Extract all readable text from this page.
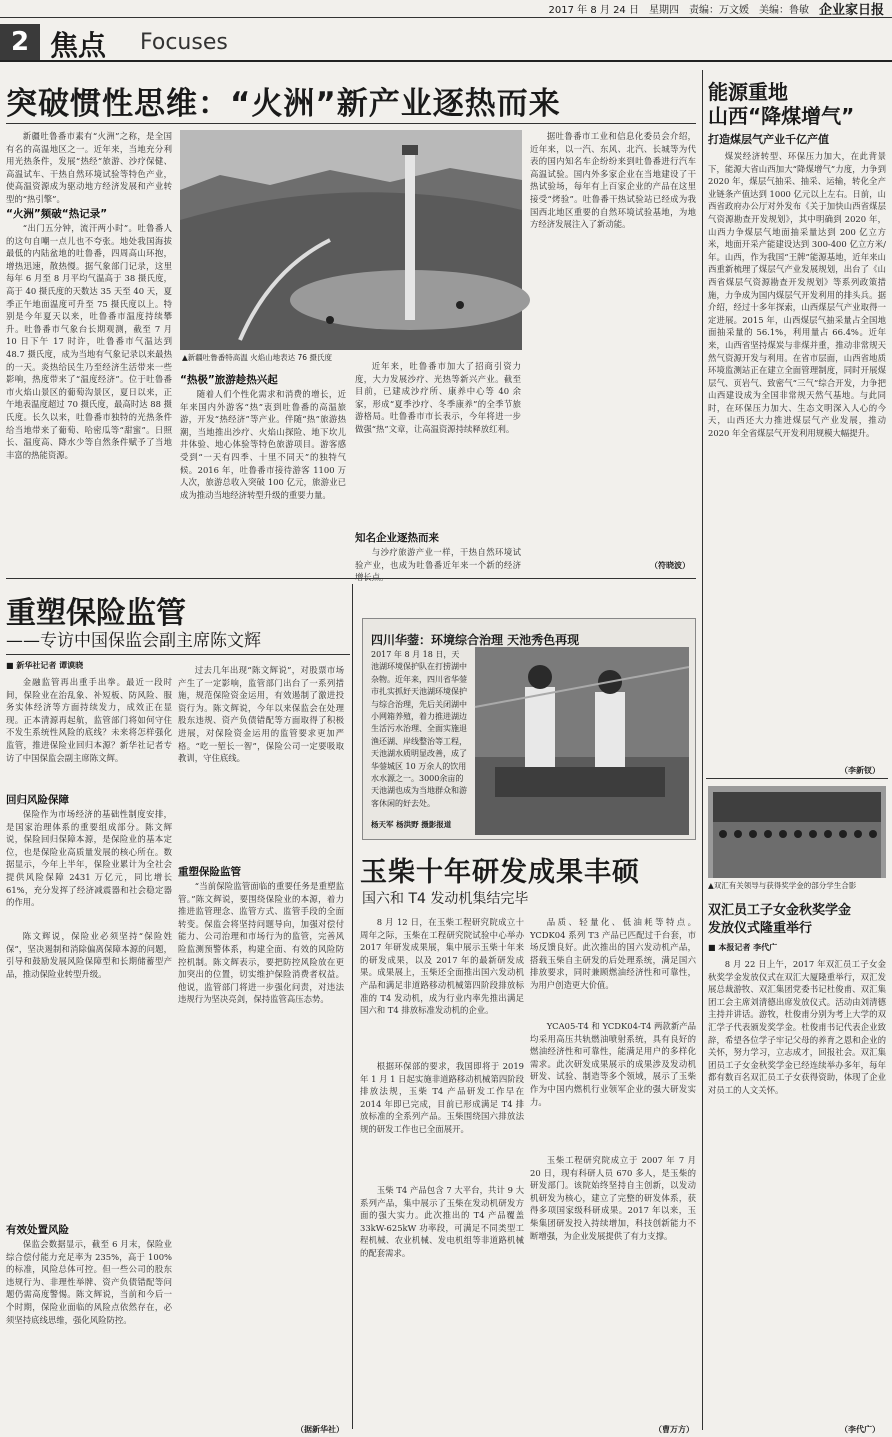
2017 年 8 月 24 日 星期四 责编：万文媛 美编：鲁敏 企业家日报
2 焦点 Focuses
突破惯性思维：“火洲”新产业逐热而来

新疆吐鲁番市素有“火洲”之称，是全国有名的高温地区之一。近年来，当地充分利用光热条件，发展“热经”旅游、沙疗保健、高温试车、干热自然环境试验等特色产业，使高温资源成为驱动地方经济发展和产业转型的“热引擎”。

“火洲”频破“热记录”

“出门五分钟，流汗两小时”。吐鲁番人的这句自嘲一点儿也不夸张。地处我国海拔最低的内陆盆地的吐鲁番，四周高山环抱，增热迅速，散热慢。据气象部门记录，这里每年 6 月至 8 月平均气温高于 38 摄氏度，高于 40 摄氏度的天数达 35 天至 40 天，夏季正午地面温度可升至 75 摄氏度以上。特别是今年夏天以来，吐鲁番市温度持续攀升。吐鲁番市气象台长期观测，截至 7 月 10 日下午 17 时许，吐鲁番市气温达到 48.7 摄氏度，成为当地有气象记录以来最热的一天。炎热给民生乃至经济生活带来一些影响，热度带来了“温度经济”。位于吐鲁番市火焰山景区的葡萄沟景区，夏日以来，正午地表温度超过 70 摄氏度，最高时达 88 摄氏度。长久以来，吐鲁番市独特的光热条件给当地带来了葡萄、哈密瓜等“甜蜜”。日照长、温度高、降水少等自然条件赋予了当地丰富的热能资源。

▲新疆吐鲁番特高温 火焰山地表达 76 摄氏度
“热极”旅游趁热兴起

随着人们个性化需求和消费的增长，近年来国内外游客“热”衷到吐鲁番的高温旅游，开发“热经济”等产业。伴随“热”旅游热潮，当地推出沙疗、火焰山探险、地下坎儿井体验、地心体验等特色旅游项目。游客感受到“一天有四季、十里不同天”的独特气候。2016 年，吐鲁番市接待游客 1100 万人次，旅游总收入突破 100 亿元，旅游业已成为推动当地经济转型升级的重要力量。

近年来，吐鲁番市加大了招商引资力度，大力发展沙疗、光热等新兴产业。截至目前，已建成沙疗所、康养中心等 40 余家，形成“夏季沙疗、冬季康养”的全季节旅游格局。吐鲁番市市长表示，今年将进一步做强“热”文章，让高温资源持续释放红利。

知名企业逐热而来

与沙疗旅游产业一样，干热自然环境试验产业，也成为吐鲁番近年来一个新的经济

据吐鲁番市工业和信息化委员会介绍，近年来，以一汽、东风、北汽、长城等为代表的国内知名车企纷纷来到吐鲁番进行汽车高温试验。国内外多家企业在当地建设了干热试验场，每年有上百家企业的产品在这里接受“烤验”。吐鲁番干热试验站已经成为我国西北地区重要的自然环境试验基地，为地方经济发展注入了新动能。

（符晓波）
能源重地
山西“降煤增气”
打造煤层气产业千亿产值

煤炭经济转型、环保压力加大，在此背景下，能源大省山西加大“降煤增气”力度，力争到 2020 年，煤层气抽采、抽采、运输，转化全产业链条产值达到 1000 亿元以上左右。日前，山西省政府办公厅对外发布《关于加快山西省煤层气资源勘查开发规划》，其中明确到 2020 年，山西力争煤层气地面抽采量达到 200 亿立方米，地面开采产能建设达到 300-400 亿立方米/年。山西，作为我国“王牌”能源基地，近年来山西重新梳理了煤层气产业发展规划，出台了《山西省煤层气资源勘查开发规划》等系列政策措施，力争成为国内煤层气开发利用的排头兵。据介绍，经过十多年探索，山西煤层气产业取得一定进展。2015 年，山西煤层气抽采量占全国地面抽采量的 56.1%，利用量占 66.4%。近年来，山西省坚持煤炭与非煤并重，推动非常规天然气资源开发与利用。在省市层面，山西省地质环境监测站正在建立全面管理制度，同时开展煤层气、页岩气、致密气“三气”综合开发，力争把山西建设成为全国非常规天然气基地。与此同时，在环保压力加大、生态文明深入人心的今天，山西还大力推进煤层气产业发展，推动 2020 年全省煤层气开发利用规模大幅提升。

（李新钗）
重塑保险监管
——专访中国保监会副主席陈文辉
■ 新华社记者 谭谟晓

金融监管再出重手出拳。最近一段时间，保险业在治乱象、补短板、防风险、服务实体经济等方面持续发力，成效正在显现。正本清源再起航，监管部门将如何守住不发生系统性风险的底线？未来将怎样强化监管，推进保险业回归本源？新华社记者专访了中国保监会副主席陈文辉。

回归风险保障

保险作为市场经济的基础性制度安排，是国家治理体系的重要组成部分。陈文辉说，保险回归保障本源，是保险业的基本定位，也是保险业高质量发展的核心所在。数据显示，今年上半年，保险业累计为全社会提供风险保障 2431 万亿元，同比增长 61%，充分发挥了经济减震器和社会稳定器的作用。

陈文辉说，保险业必须坚持“保险姓保”，坚决遏制和消除偏离保障本源的问题，引导和鼓励发展风险保障型和长期储蓄型产品，推动保险业转型升级。

有效处置风险

保监会数据显示，截至 6 月末，保险业综合偿付能力充足率为 235%，高于 100% 的标准，风险总体可控。但一些公司的股东违规行为、非理性举牌、资产负债错配等问题仍需高度警惕。陈文辉说，当前和今后一个时期，保险业面临的风险点依然存在，必须坚持底线思维，强化风险防控。

过去几年出现“陈文辉说”，对股票市场产生了一定影响，监管部门出台了一系列措施，规范保险资金运用，有效遏制了激进投资行为。陈文辉说，今年以来保监会在处理股东违规、资产负债错配等方面取得了积极进展，对保险资金运用的监管要求更加严格。“吃一堑长一智”，保险公司一定要吸取教训，守住底线。

重塑保险监管

“当前保险监管面临的重要任务是重塑监管。”陈文辉说，要围绕保险业的本源，着力推进监管理念、监管方式、监管手段的全面转变。保监会将坚持问题导向，加强对偿付能力、公司治理和市场行为的监管，完善风险监测预警体系，构建全面、有效的风险防控机制。陈文辉表示，要把防控风险放在更加突出的位置，切实维护保险消费者权益。他说，监管部门将进一步强化问责，对违法违规行为坚决亮剑，保持监管高压态势。

（据新华社）
四川华蓥：环境综合治理 天池秀色再现
2017 年 8 月 18 日，天池湖环境保护队在打捞湖中杂物。近年来，四川省华蓥市扎实抓好天池湖环境保护与综合治理，先后关闭湖中小网箱养殖，着力推进湖边生活污水治理、全面实施退渔还湖、岸线整治等工程，天池湖水质明显改善，成了华蓥城区 10 万余人的饮用水水源之一。3000余亩的天池湖也成为当地群众和游客休闲的好去处。
杨天军 杨洪野 摄影报道
玉柴十年研发成果丰硕
国六和 T4 发动机集结完毕

8 月 12 日，在玉柴工程研究院成立十周年之际，玉柴在工程研究院试验中心举办 2017 年研发成果展，集中展示玉柴十年来的研发成果，以及 2017 年的最新研发成果。成果展上，玉柴还全面推出国六发动机产品和满足非道路移动机械第四阶段排放标准的 T4 发动机，成为行业内率先推出满足国六和 T4 排放标准发动机的企业。

根据环保部的要求，我国即将于 2019 年 1 月 1 日起实施非道路移动机械第四阶段排放法规，玉柴 T4 产品研发工作早在 2014 年即已完成，目前已形成满足 T4 排放标准的全系列产品。玉柴围绕国六排放法规的研发工作也已全面展开。

玉柴 T4 产品包含 7 大平台，共计 9 大系列产品，集中展示了玉柴在发动机研发方面的强大实力。此次推出的 T4 产品覆盖 33kW-625kW 功率段，可满足不同类型工程机械、农业机械、发电机组等非道路机械的配套需求。

品质、轻量化、低油耗等特点。YCDK04 系列 T3 产品已匹配过千台套，市场反馈良好。此次推出的国六发动机产品，搭载玉柴自主研发的后处理系统，满足国六排放要求，同时兼顾燃油经济性和可靠性，为用户创造更大价值。

YCA05-T4 和 YCDK04-T4 两款新产品均采用高压共轨燃油喷射系统，具有良好的燃油经济性和可靠性，能满足用户的多样化需求。此次研发成果展示的成果涉及发动机研发、试验、制造等多个领域，展示了玉柴作为中国内燃机行业领军企业的强大研发实力。

玉柴工程研究院成立于 2007 年 7 月 20 日，现有科研人员 670 多人，是玉柴的研发部门。该院始终坚持自主创新，以发动机研发为核心，建立了完整的研发体系，获得多项国家级科研成果。2017 年以来，玉柴集团研发投入持续增加，科技创新能力不断增强，为企业发展提供了有力支撑。

（曹万方）
▲双汇有关领导与获得奖学金的部分学生合影
双汇员工子女金秋奖学金
发放仪式隆重举行
■ 本报记者 李代广

8 月 22 日上午，2017 年双汇员工子女金秋奖学金发放仪式在双汇大厦隆重举行，双汇发展总裁游牧、双汇集团党委书记杜俊甫、双汇集团工会主席刘清德出席发放仪式。活动由刘清德主持并讲话。游牧，杜俊甫分别为考上大学的双汇学子代表颁发奖学金。杜俊甫书记代表企业致辞，希望各位学子牢记父母的养育之恩和企业的关怀，努力学习，立志成才，回报社会。双汇集团员工子女金秋奖学金已经连续举办多年，每年都有数百名双汇员工子女获得资助，体现了企业对员工的人文关怀。

（李代广）
